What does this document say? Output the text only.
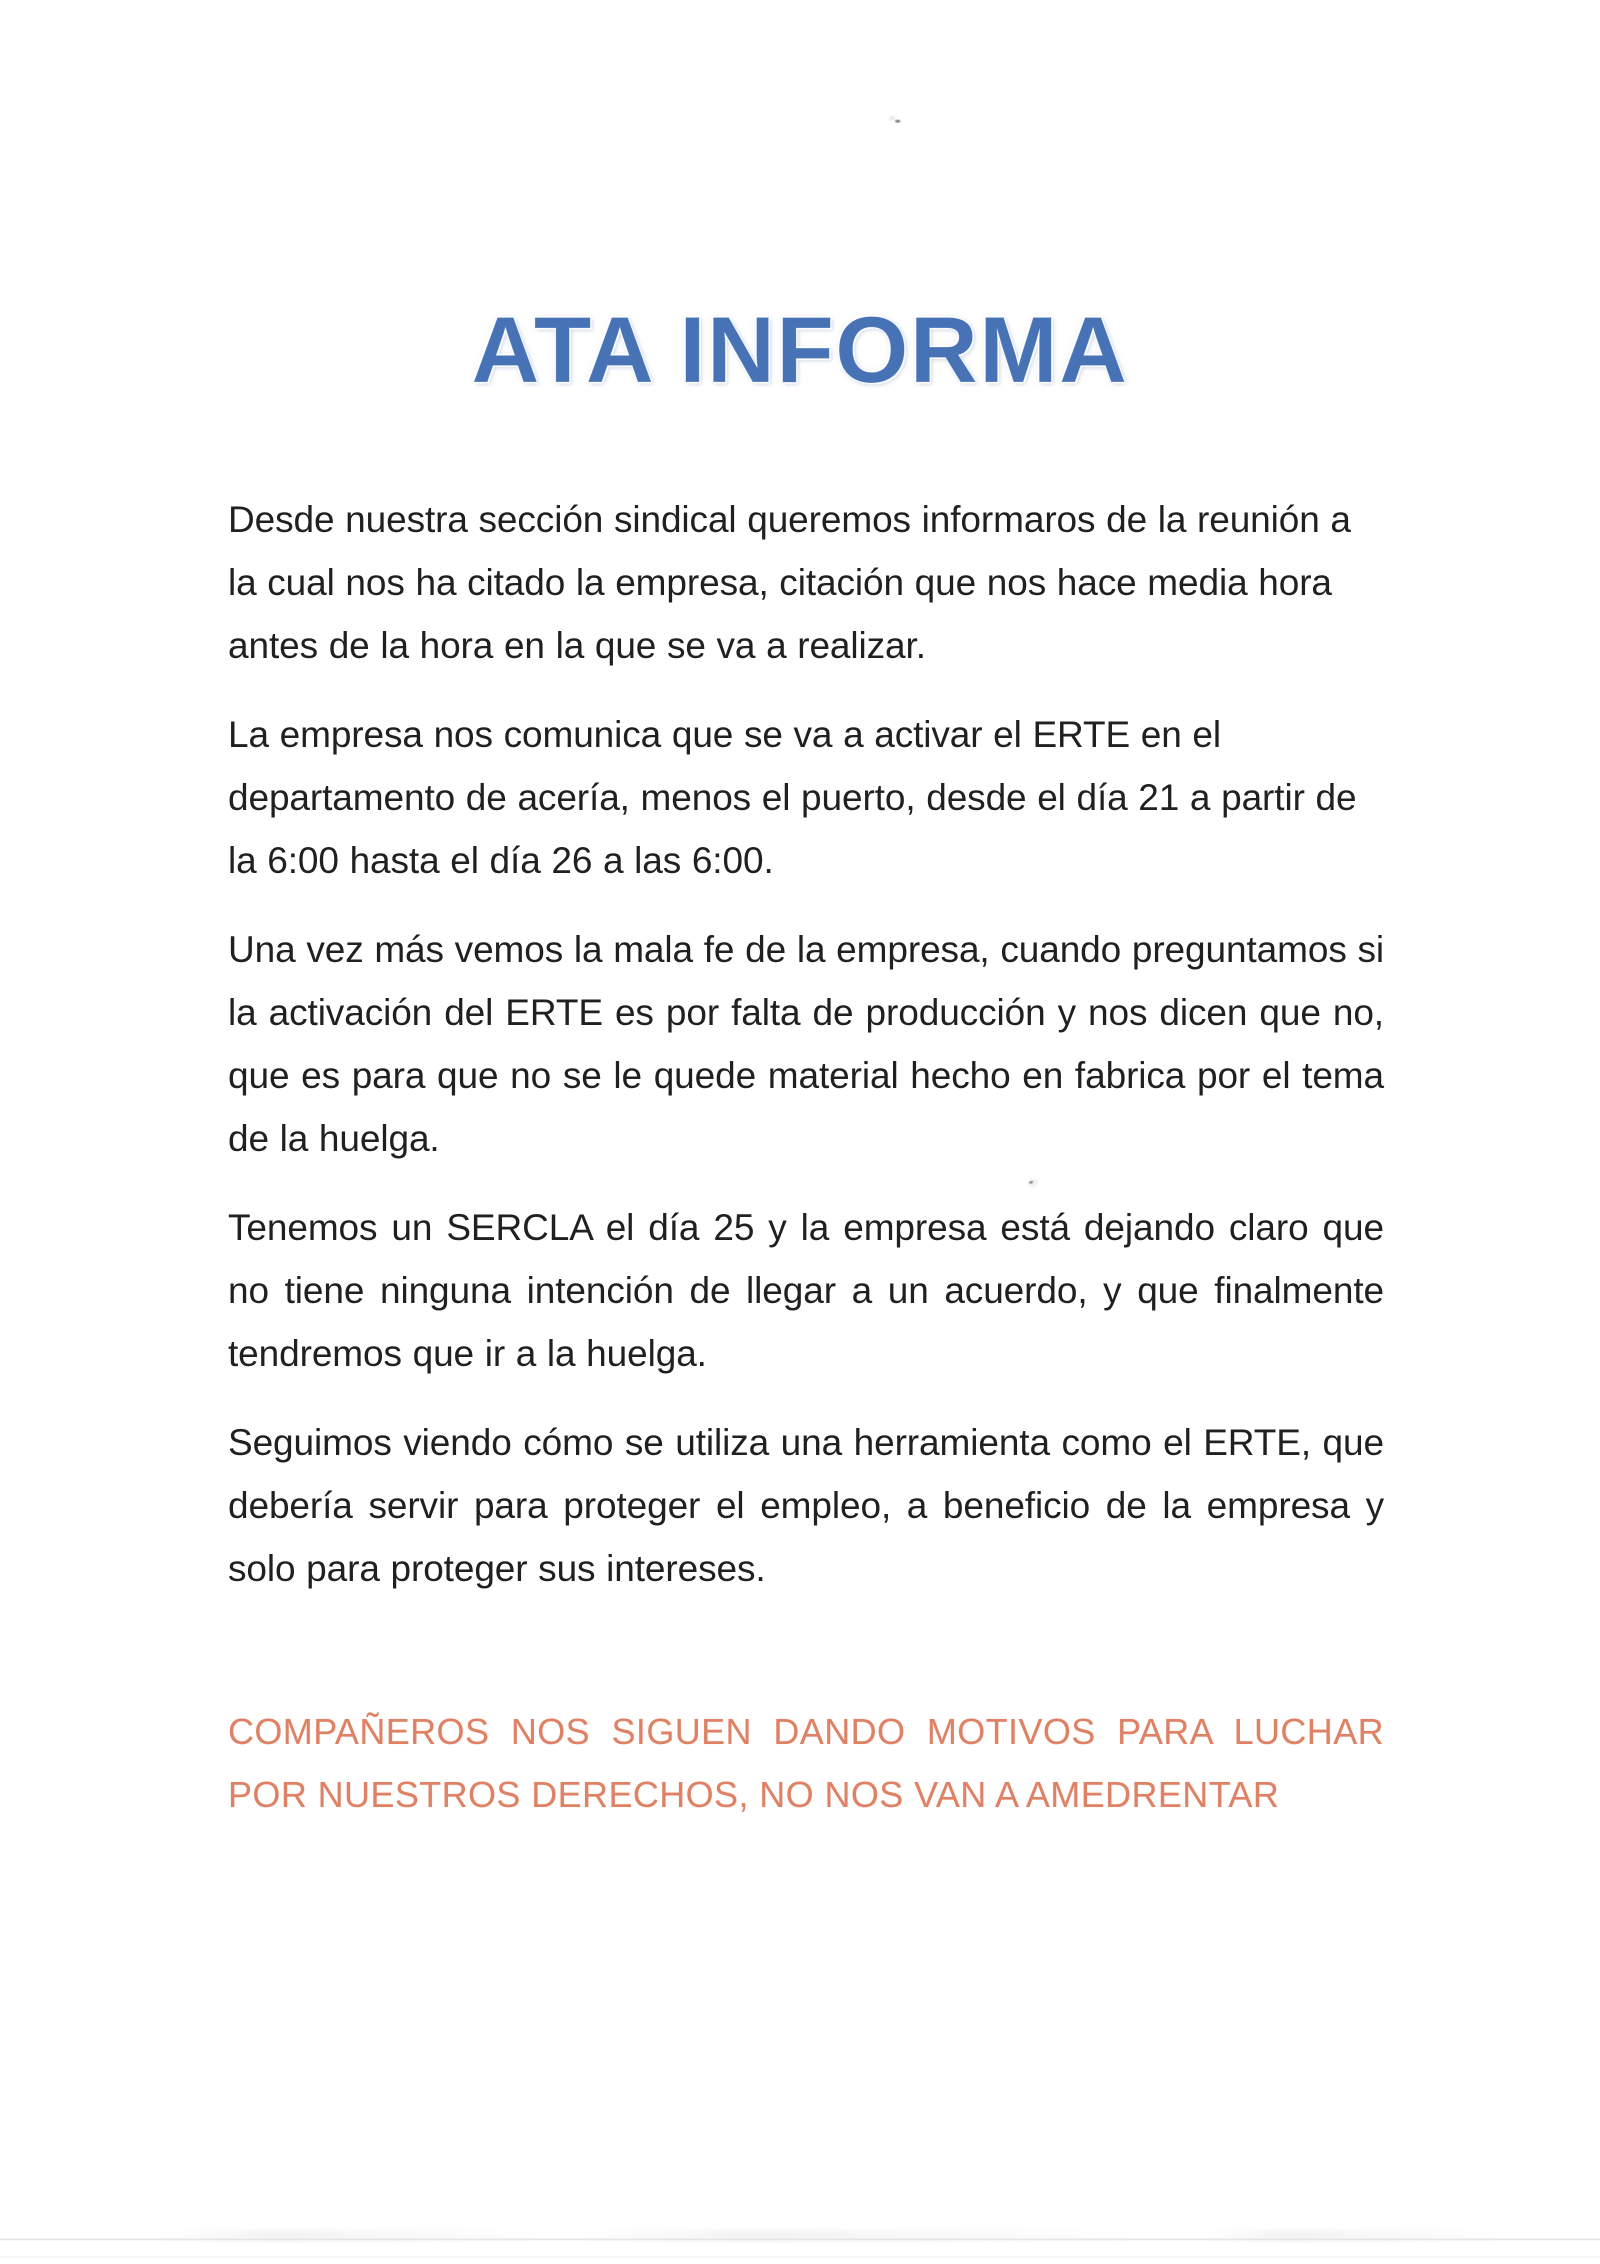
ATA INFORMA

Desde nuestra sección sindical queremos informaros de la reunión a la cual nos ha citado la empresa, citación que nos hace media hora antes de la hora en la que se va a realizar.

La empresa nos comunica que se va a activar el ERTE en el departamento de acería, menos el puerto, desde el día 21 a partir de la 6:00 hasta el día 26 a las 6:00.

Una vez más vemos la mala fe de la empresa, cuando preguntamos si la activación del ERTE es por falta de producción y nos dicen que no, que es para que no se le quede material hecho en fabrica por el tema de la huelga.

Tenemos un SERCLA el día 25 y la empresa está dejando claro que no tiene ninguna intención de llegar a un acuerdo, y que finalmente tendremos que ir a la huelga.

Seguimos viendo cómo se utiliza una herramienta como el ERTE, que debería servir para proteger el empleo, a beneficio de la empresa y solo para proteger sus intereses.

COMPAÑEROS NOS SIGUEN DANDO MOTIVOS PARA LUCHAR POR NUESTROS DERECHOS, NO NOS VAN A AMEDRENTAR
